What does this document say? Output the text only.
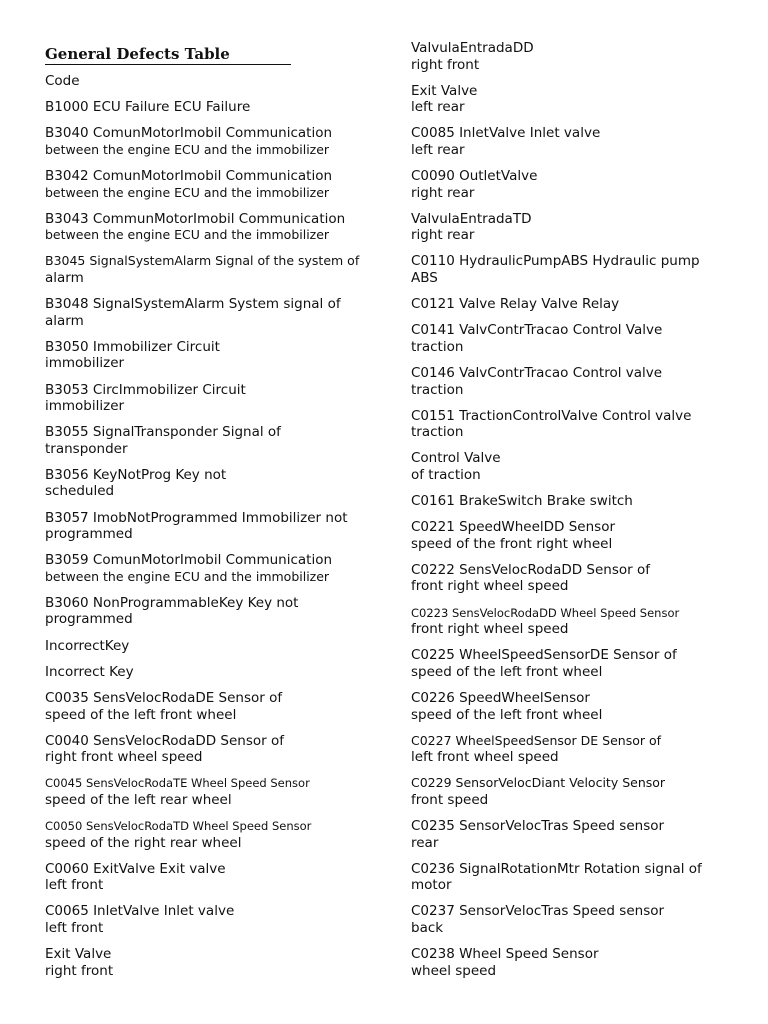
General Defects Table
Code
B1000 ECU Failure ECU Failure
B3040 ComunMotorImobil Communication
between the engine ECU and the immobilizer
B3042 ComunMotorImobil Communication
between the engine ECU and the immobilizer
B3043 CommunMotorImobil Communication
between the engine ECU and the immobilizer
B3045 SignalSystemAlarm Signal of the system of
alarm
B3048 SignalSystemAlarm System signal of
alarm
B3050 Immobilizer Circuit
immobilizer
B3053 CircImmobilizer Circuit
immobilizer
B3055 SignalTransponder Signal of
transponder
B3056 KeyNotProg Key not
scheduled
B3057 ImobNotProgrammed Immobilizer not
programmed
B3059 ComunMotorImobil Communication
between the engine ECU and the immobilizer
B3060 NonProgrammableKey Key not
programmed
IncorrectKey
Incorrect Key
C0035 SensVelocRodaDE Sensor of
speed of the left front wheel
C0040 SensVelocRodaDD Sensor of
right front wheel speed
C0045 SensVelocRodaTE Wheel Speed Sensor
speed of the left rear wheel
C0050 SensVelocRodaTD Wheel Speed Sensor
speed of the right rear wheel
C0060 ExitValve Exit valve
left front
C0065 InletValve Inlet valve
left front
Exit Valve
right front
ValvulaEntradaDD
right front
Exit Valve
left rear
C0085 InletValve Inlet valve
left rear
C0090 OutletValve
right rear
ValvulaEntradaTD
right rear
C0110 HydraulicPumpABS Hydraulic pump
ABS
C0121 Valve Relay Valve Relay
C0141 ValvContrTracao Control Valve
traction
C0146 ValvContrTracao Control valve
traction
C0151 TractionControlValve Control valve
traction
Control Valve
of traction
C0161 BrakeSwitch Brake switch
C0221 SpeedWheelDD Sensor
speed of the front right wheel
C0222 SensVelocRodaDD Sensor of
front right wheel speed
C0223 SensVelocRodaDD Wheel Speed Sensor
front right wheel speed
C0225 WheelSpeedSensorDE Sensor of
speed of the left front wheel
C0226 SpeedWheelSensor
speed of the left front wheel
C0227 WheelSpeedSensor DE Sensor of
left front wheel speed
C0229 SensorVelocDiant Velocity Sensor
front speed
C0235 SensorVelocTras Speed sensor
rear
C0236 SignalRotationMtr Rotation signal of
motor
C0237 SensorVelocTras Speed sensor
back
C0238 Wheel Speed Sensor
wheel speed
